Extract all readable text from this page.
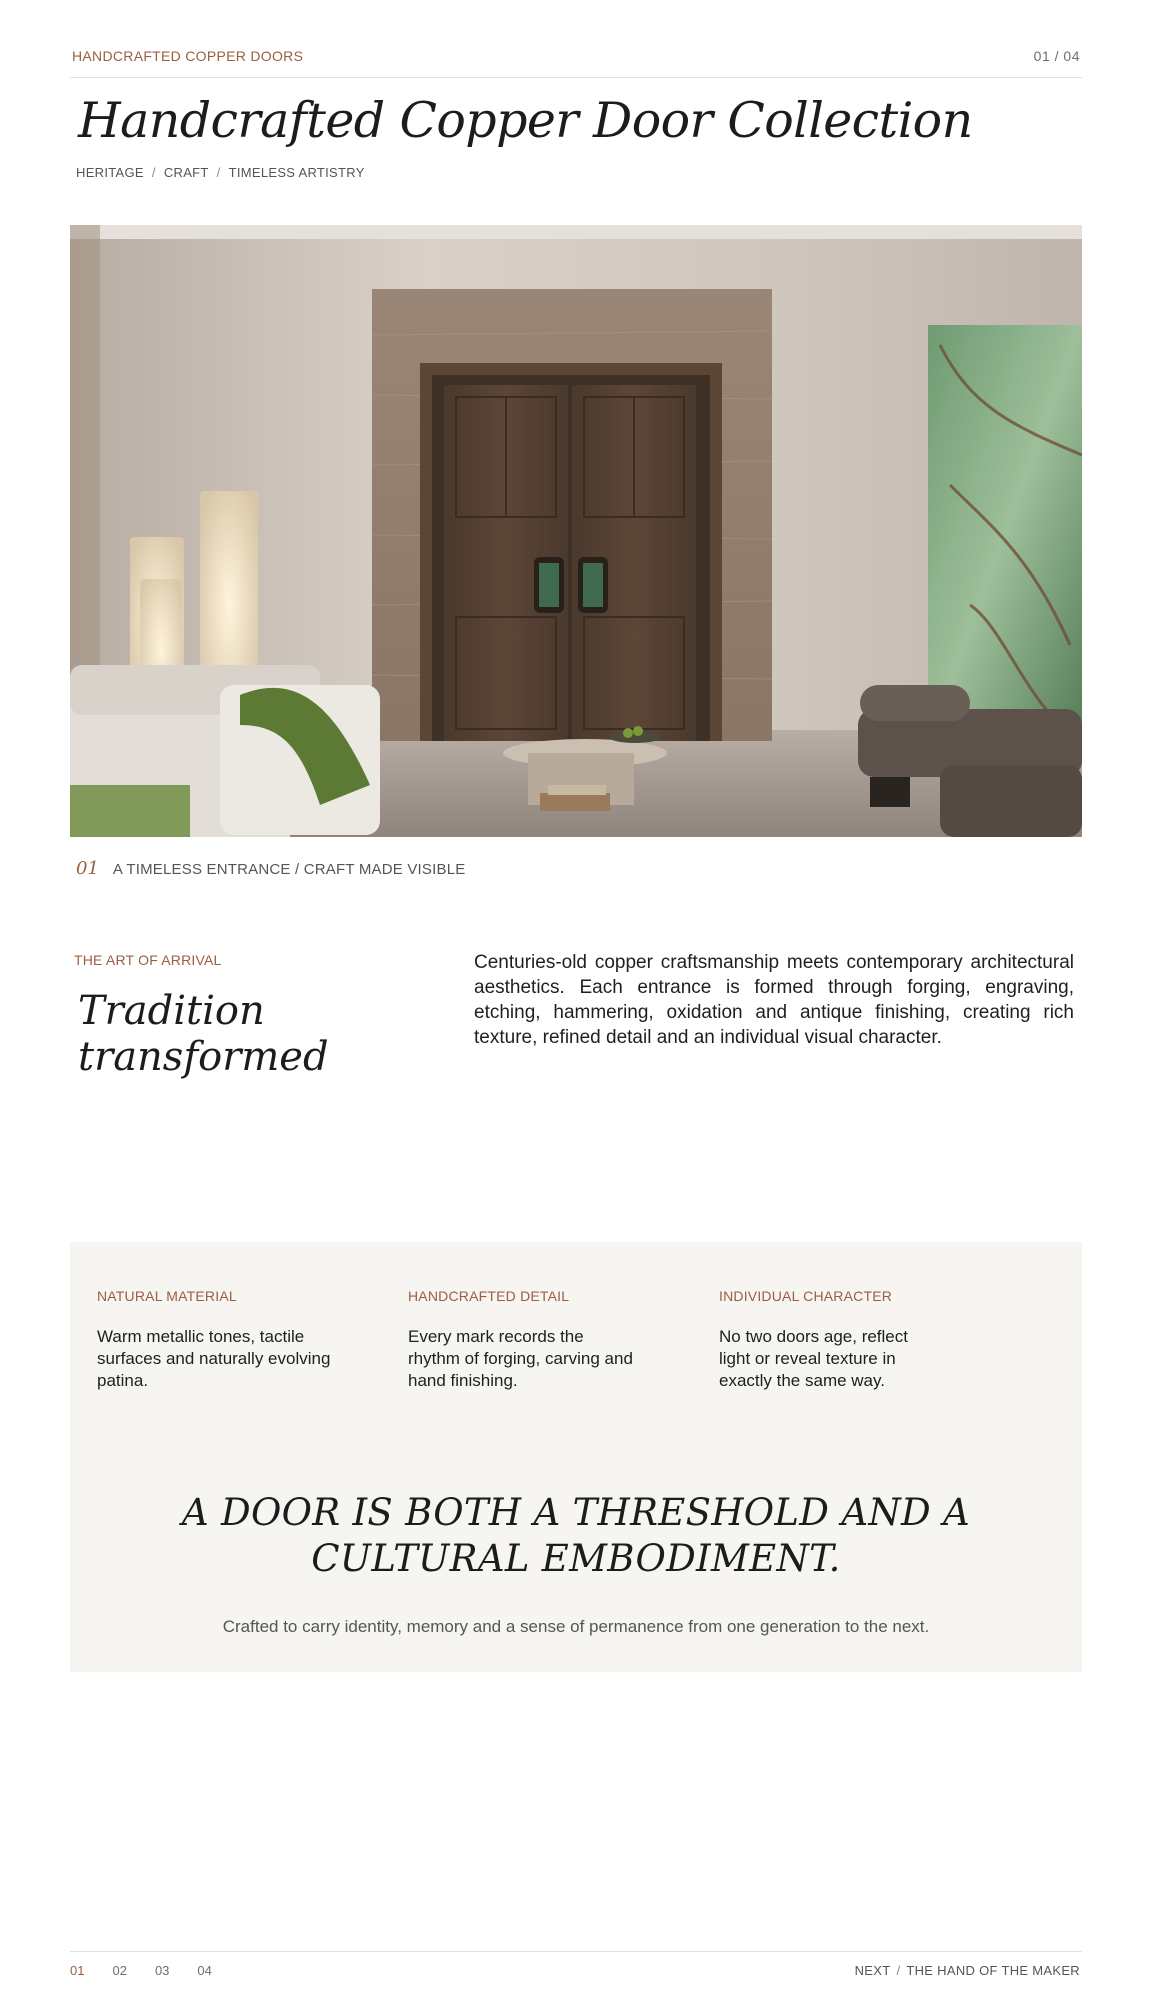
HANDCRAFTED COPPER DOORS	01 / 04
Handcrafted Copper Door Collection
HERITAGE / CRAFT / TIMELESS ARTISTRY
01 A TIMELESS ENTRANCE / CRAFT MADE VISIBLE
THE ART OF ARRIVAL
Tradition
transformed

Centuries-old copper craftsmanship meets contemporary architectural aesthetics. Each entrance is formed through forging, engraving, etching, hammering, oxidation and antique finishing, creating rich texture, refined detail and an individual visual character.

NATURAL MATERIAL
Warm metallic tones, tactile surfaces and naturally evolving patina.
HANDCRAFTED DETAIL
Every mark records the rhythm of forging, carving and hand finishing.
INDIVIDUAL CHARACTER
No two doors age, reflect light or reveal texture in exactly the same way.
A DOOR IS BOTH A THRESHOLD AND A
CULTURAL EMBODIMENT.

Crafted to carry identity, memory and a sense of permanence from one generation to the next.

01 02 03 04	NEXT / THE HAND OF THE MAKER
